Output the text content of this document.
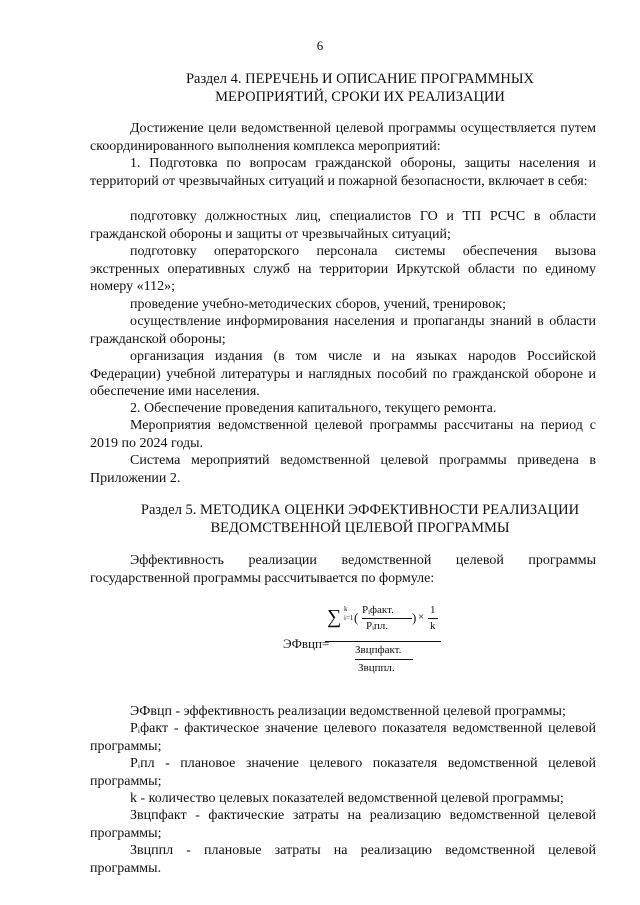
6
Раздел 4. ПЕРЕЧЕНЬ И ОПИСАНИЕ ПРОГРАММНЫХ
МЕРОПРИЯТИЙ, СРОКИ ИХ РЕАЛИЗАЦИИ
Достижение цели ведомственной целевой программы осуществляется путем скоординированного выполнения комплекса мероприятий:
1. Подготовка по вопросам гражданской обороны, защиты населения и территорий от чрезвычайных ситуаций и пожарной безопасности, включает в себя:
подготовку должностных лиц, специалистов ГО и ТП РСЧС в области гражданской обороны и защиты от чрезвычайных ситуаций;
подготовку операторского персонала системы обеспечения вызова экстренных оперативных служб на территории Иркутской области по единому номеру «112»;
проведение учебно-методических сборов, учений, тренировок;
осуществление информирования населения и пропаганды знаний в области гражданской обороны;
организация издания (в том числе и на языках народов Российской Федерации) учебной литературы и наглядных пособий по гражданской обороне и обеспечение ими населения.
2. Обеспечение проведения капитального, текущего ремонта.
Мероприятия ведомственной целевой программы рассчитаны на период с 2019 по 2024 годы.
Система мероприятий ведомственной целевой программы приведена в Приложении 2.
Раздел 5. МЕТОДИКА ОЦЕНКИ ЭФФЕКТИВНОСТИ РЕАЛИЗАЦИИ
ВЕДОМСТВЕННОЙ ЦЕЛЕВОЙ ПРОГРАММЫ
Эффективность реализации ведомственной целевой программы государственной программы рассчитывается по формуле:
ЭФвцп=
∑ k
i=1 ( Pᵢфакт.
Pᵢпл.
) ×
1
k
Звцпфакт.
Звцппл.
ЭФвцп - эффективность реализации ведомственной целевой программы;
Pᵢфакт - фактическое значение целевого показателя ведомственной целевой программы;
Pᵢпл - плановое значение целевого показателя ведомственной целевой программы;
k - количество целевых показателей ведомственной целевой программы;
Звцпфакт - фактические затраты на реализацию ведомственной целевой программы;
Звцппл - плановые затраты на реализацию ведомственной целевой программы.
